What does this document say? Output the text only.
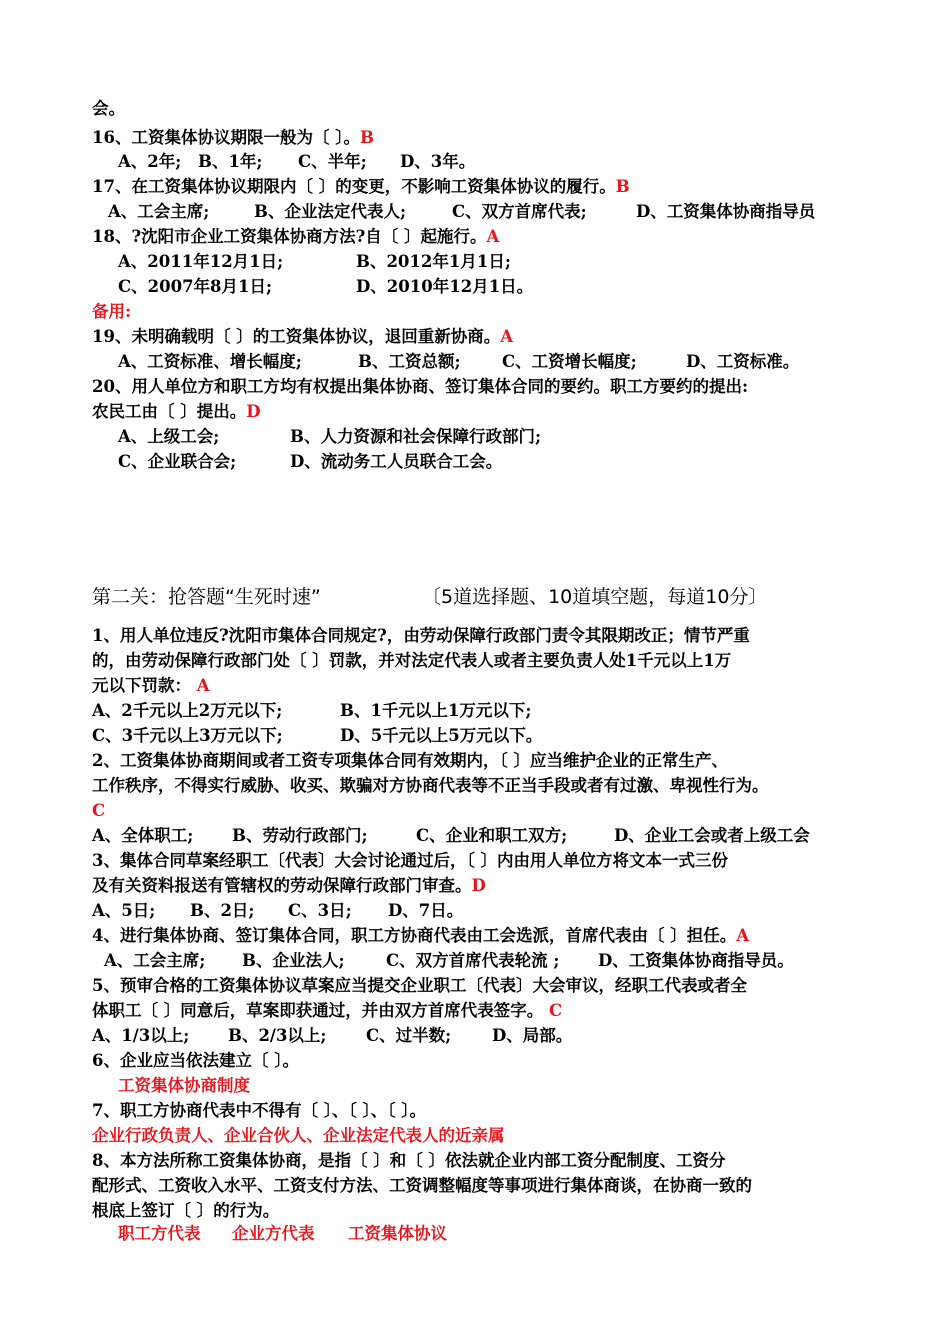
会。
16、工资集体协议期限一般为〔 〕。B
A、2年; B、1年; C、半年; D、3年。
17、在工资集体协议期限内〔 〕的变更，不影响工资集体协议的履行。B
A、工会主席;	B、企业法定代表人;	C、双方首席代表;	D、工资集体协商指导员
18、?沈阳市企业工资集体协商方法?自〔 〕起施行。A
A、2011年12月1日;	B、2012年1月1日;
C、2007年8月1日;	D、2010年12月1日。
备用:
19、未明确载明〔 〕的工资集体协议，退回重新协商。A
A、工资标准、增长幅度;	B、工资总额;	C、工资增长幅度;	D、工资标准。
20、用人单位方和职工方均有权提出集体协商、签订集体合同的要约。职工方要约的提出:
农民工由〔 〕提出。D
A、上级工会;	B、人力资源和社会保障行政部门;
C、企业联合会;	D、流动务工人员联合工会。
第二关：抢答题“生死时速”	〔5道选择题、10道填空题，每道10分〕
1、用人单位违反?沈阳市集体合同规定?，由劳动保障行政部门责令其限期改正；情节严重
的，由劳动保障行政部门处〔 〕罚款，并对法定代表人或者主要负责人处1千元以上1万
元以下罚款： A
A、2千元以上2万元以下;	B、1千元以上1万元以下;
C、3千元以上3万元以下;	D、5千元以上5万元以下。
2、工资集体协商期间或者工资专项集体合同有效期内，〔 〕应当维护企业的正常生产、
工作秩序，不得实行威胁、收买、欺骗对方协商代表等不正当手段或者有过激、卑视性行为。
C
A、全体职工; B、劳动行政部门;	C、企业和职工双方;	D、企业工会或者上级工会
3、集体合同草案经职工〔代表〕大会讨论通过后，〔 〕内由用人单位方将文本一式三份
及有关资料报送有管辖权的劳动保障行政部门审查。D
A、5日; B、2日; C、3日; D、7日。
4、进行集体协商、签订集体合同，职工方协商代表由工会选派，首席代表由〔 〕担任。A
A、工会主席; B、企业法人;	C、双方首席代表轮流 ; D、工资集体协商指导员。
5、预审合格的工资集体协议草案应当提交企业职工〔代表〕大会审议，经职工代表或者全
体职工〔 〕同意后，草案即获通过，并由双方首席代表签字。 C
A、1/3以上; B、2/3以上; C、过半数; D、局部。
6、企业应当依法建立〔 〕。
工资集体协商制度
7、职工方协商代表中不得有〔 〕、〔 〕、〔 〕。
企业行政负责人、企业合伙人、企业法定代表人的近亲属
8、本方法所称工资集体协商，是指〔 〕和〔 〕依法就企业内部工资分配制度、工资分
配形式、工资收入水平、工资支付方法、工资调整幅度等事项进行集体商谈，在协商一致的
根底上签订〔 〕的行为。
职工方代表 企业方代表 工资集体协议
